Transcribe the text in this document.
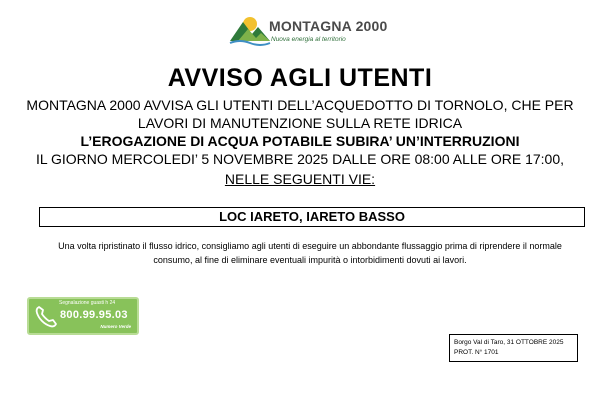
MONTAGNA 2000
Nuova energia al territorio
AVVISO AGLI UTENTI
MONTAGNA 2000 AVVISA GLI UTENTI DELL’ACQUEDOTTO DI TORNOLO, CHE PER
LAVORI DI MANUTENZIONE SULLA RETE IDRICA
L’EROGAZIONE DI ACQUA POTABILE SUBIRA’ UN’INTERRUZIONI
IL GIORNO MERCOLEDI’ 5 NOVEMBRE 2025 DALLE ORE 08:00 ALLE ORE 17:00,
NELLE SEGUENTI VIE:
LOC IARETO, IARETO BASSO
Una volta ripristinato il flusso idrico, consigliamo agli utenti di eseguire un abbondante flussaggio prima di riprendere il normale
consumo, al fine di eliminare eventuali impurità o intorbidimenti dovuti ai lavori.
Segnalazione guasti h 24
800.99.95.03
Numero Verde
Borgo Val di Taro, 31 OTTOBRE 2025
PROT. N° 1701
